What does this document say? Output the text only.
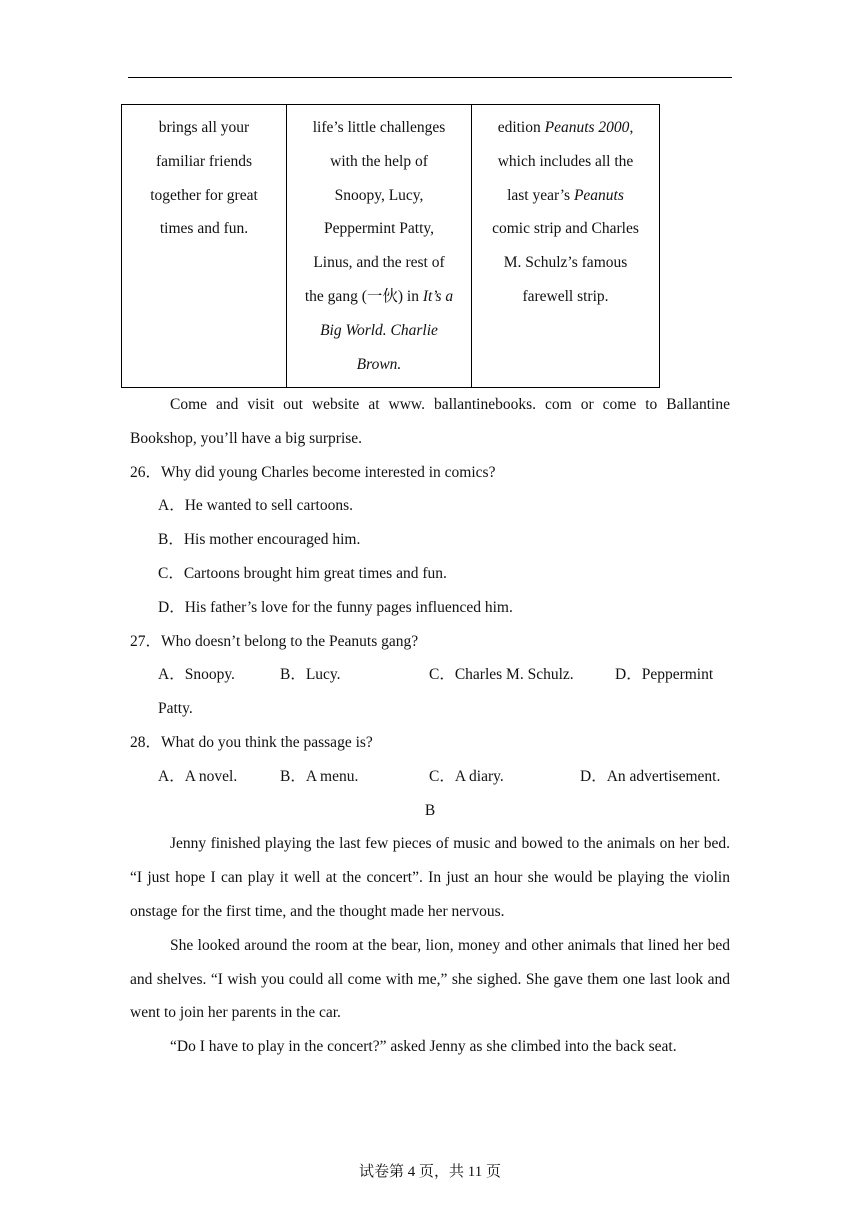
brings all your
familiar friends
together for great
times and fun.

life’s little challenges
with the help of
Snoopy, Lucy,
Peppermint Patty,
Linus, and the rest of
the gang (一伙) in It’s a
Big World. Charlie
Brown.

edition Peanuts 2000,
which includes all the
last year’s Peanuts
comic strip and Charles
M. Schulz’s famous
farewell strip.

Come and visit out website at www. ballantinebooks. com or come to Ballantine Bookshop, you’ll have a big surprise.

26．Why did young Charles become interested in comics?

A．He wanted to sell cartoons.

B．His mother encouraged him.

C．Cartoons brought him great times and fun.

D．His father’s love for the funny pages influenced him.

27．Who doesn’t belong to the Peanuts gang?

A．Snoopy.	B．Lucy.	C．Charles M. Schulz.	D．Peppermint

Patty.

28．What do you think the passage is?

A．A novel.	B．A menu.	C．A diary.	D．An advertisement.

B

Jenny finished playing the last few pieces of music and bowed to the animals on her bed. “I just hope I can play it well at the concert”. In just an hour she would be playing the violin onstage for the first time, and the thought made her nervous.

She looked around the room at the bear, lion, money and other animals that lined her bed and shelves. “I wish you could all come with me,” she sighed. She gave them one last look and went to join her parents in the car.

“Do I have to play in the concert?” asked Jenny as she climbed into the back seat.

试卷第 4 页，共 11 页
